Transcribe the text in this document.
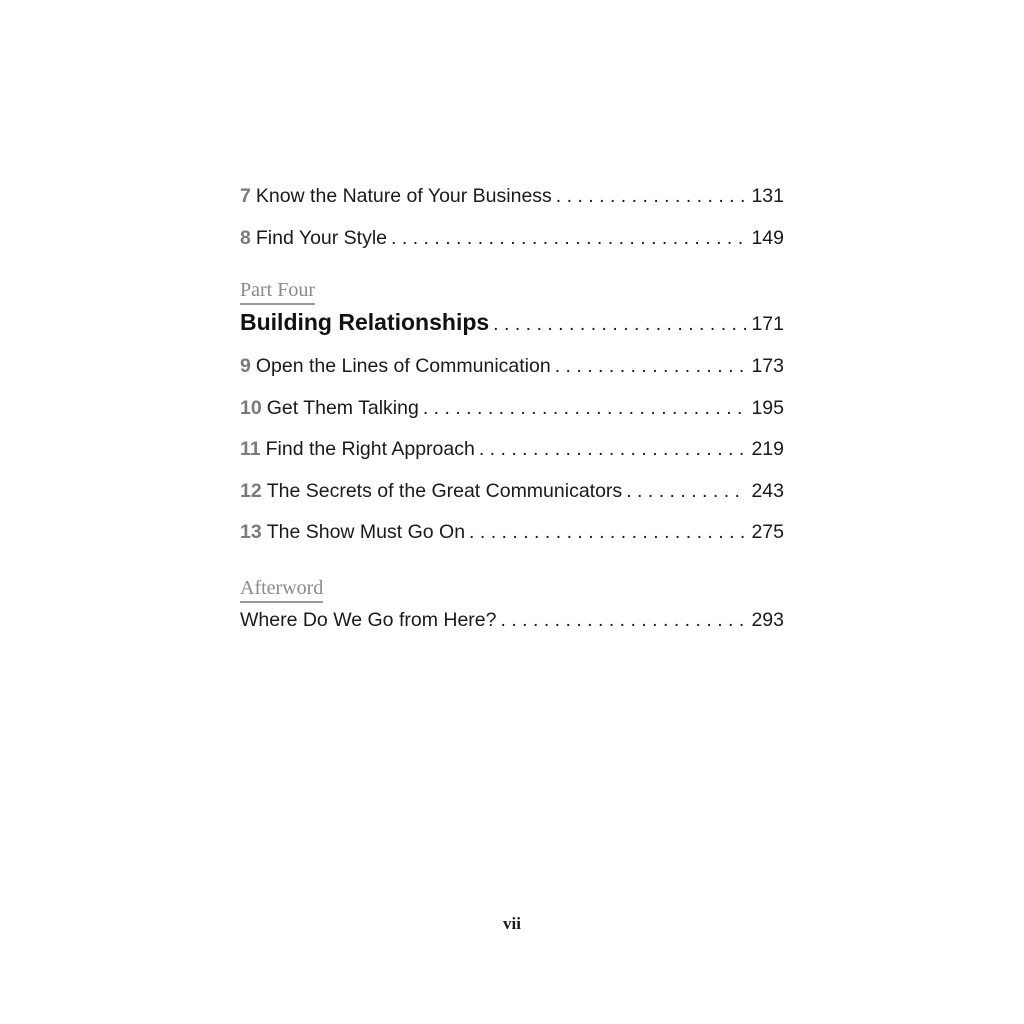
7 Know the Nature of Your Business . . .	131
8 Find Your Style . . .	149
Part Four
Building Relationships . . .	171
9 Open the Lines of Communication . . .	173
10 Get Them Talking . . .	195
11 Find the Right Approach . . .	219
12 The Secrets of the Great Communicators . . .	243
13 The Show Must Go On . . .	275
Afterword
Where Do We Go from Here? . . .	293
vii
